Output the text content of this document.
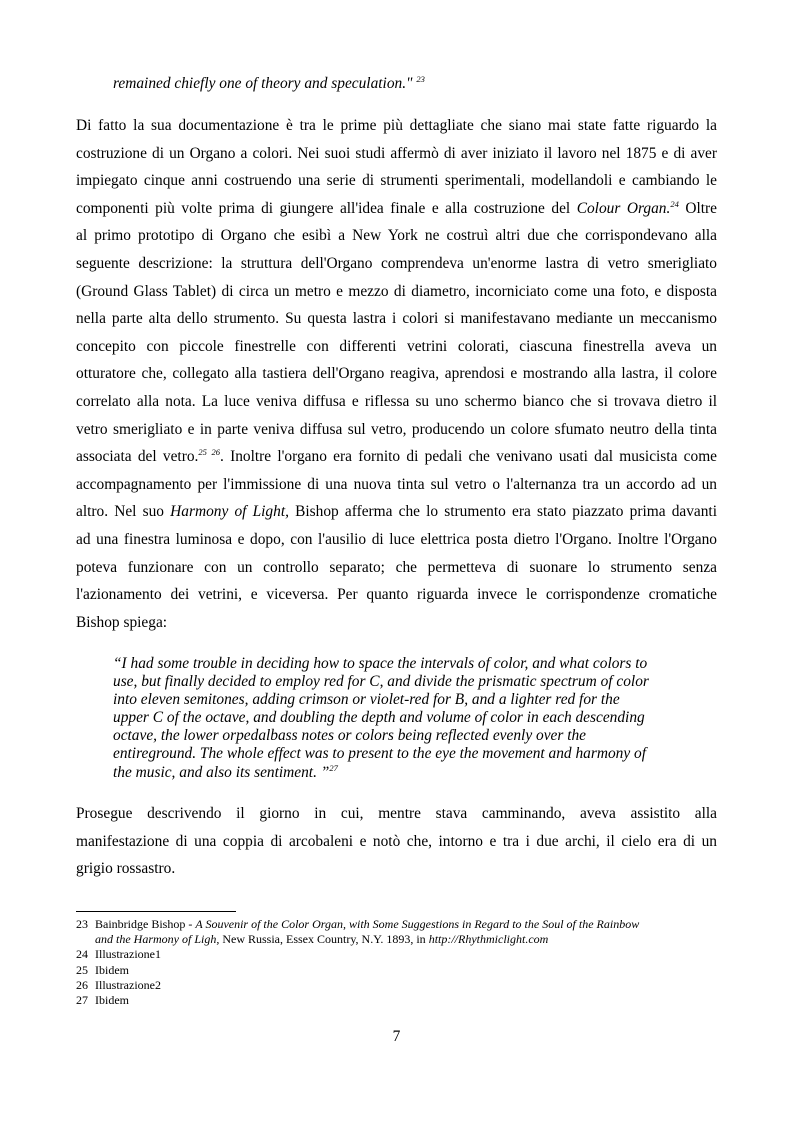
remained chiefly one of theory and speculation." $^{23}$
Di fatto la sua documentazione è tra le prime più dettagliate che siano mai state fatte riguardo la
costruzione di un Organo a colori. Nei suoi studi affermò di aver iniziato il lavoro nel 1875 e di aver
impiegato cinque anni costruendo una serie di strumenti sperimentali, modellandoli e cambiando le
componenti più volte prima di giungere all'idea finale e alla costruzione del Colour Organ.$^{24}$ Oltre
al primo prototipo di Organo che esibì a New York ne costruì altri due che corrispondevano alla
seguente descrizione: la struttura dell'Organo comprendeva un'enorme lastra di vetro smerigliato
(Ground Glass Tablet) di circa un metro e mezzo di diametro, incorniciato come una foto, e disposta
nella parte alta dello strumento. Su questa lastra i colori si manifestavano mediante un meccanismo
concepito con piccole finestrelle con differenti vetrini colorati, ciascuna finestrella aveva un
otturatore che, collegato alla tastiera dell'Organo reagiva, aprendosi e mostrando alla lastra, il colore
correlato alla nota. La luce veniva diffusa e riflessa su uno schermo bianco che si trovava dietro il
vetro smerigliato e in parte veniva diffusa sul vetro, producendo un colore sfumato neutro della tinta
associata del vetro.$^{25 26}$. Inoltre l'organo era fornito di pedali che venivano usati dal musicista come
accompagnamento per l'immissione di una nuova tinta sul vetro o l'alternanza tra un accordo ad un
altro. Nel suo Harmony of Light, Bishop afferma che lo strumento era stato piazzato prima davanti
ad una finestra luminosa e dopo, con l'ausilio di luce elettrica posta dietro l'Organo. Inoltre l'Organo
poteva funzionare con un controllo separato; che permetteva di suonare lo strumento senza
l'azionamento dei vetrini, e viceversa. Per quanto riguarda invece le corrispondenze cromatiche
Bishop spiega:
“I had some trouble in deciding how to space the intervals of color, and what colors to
use, but finally decided to employ red for C, and divide the prismatic spectrum of color
into eleven semitones, adding crimson or violet-red for B, and a lighter red for the
upper C of the octave, and doubling the depth and volume of color in each descending
octave, the lower orpedalbass notes or colors being reflected evenly over the
entireground. The whole effect was to present to the eye the movement and harmony of
the music, and also its sentiment. ”$^{27}$
Prosegue descrivendo il giorno in cui, mentre stava camminando, aveva assistito alla
manifestazione di una coppia di arcobaleni e notò che, intorno e tra i due archi, il cielo era di un
grigio rossastro.
23 Bainbridge Bishop - A Souvenir of the Color Organ, with Some Suggestions in Regard to the Soul of the Rainbow
and the Harmony of Ligh, New Russia, Essex Country, N.Y. 1893, in http://Rhythmiclight.com
24 Illustrazione1
25 Ibidem
26 Illustrazione2
27 Ibidem
7
